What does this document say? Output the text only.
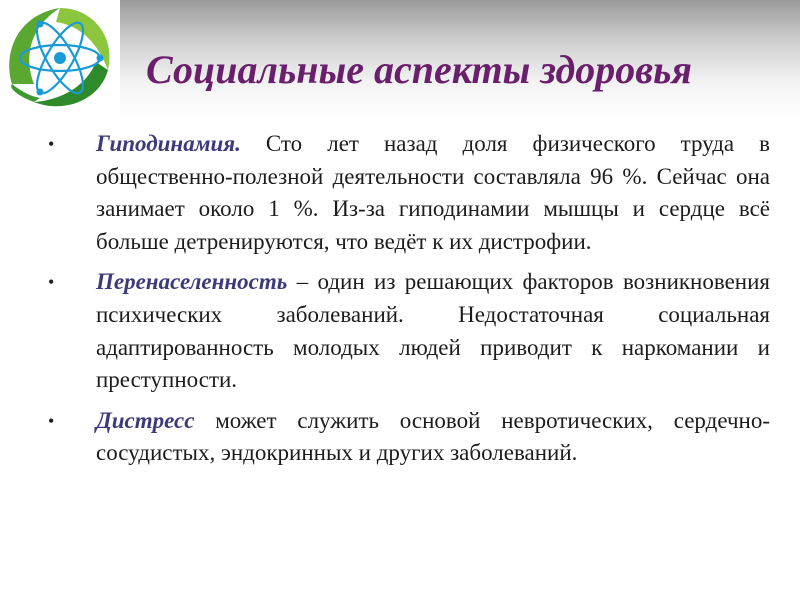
Социальные аспекты здоровья
•	Гиподинамия. Сто лет назад доля физического труда в общественно-полезной деятельности составляла 96 %. Сейчас она занимает около 1 %. Из-за гиподинамии мышцы и сердце всё больше детренируются, что ведёт к их дистрофии.
•	Перенаселенность – один из решающих факторов возникновения психических заболеваний. Недостаточная социальная адаптированность молодых людей приводит к наркомании и преступности.
•	Дистресс может служить основой невротических, сердечно-сосудистых, эндокринных и других заболеваний.
